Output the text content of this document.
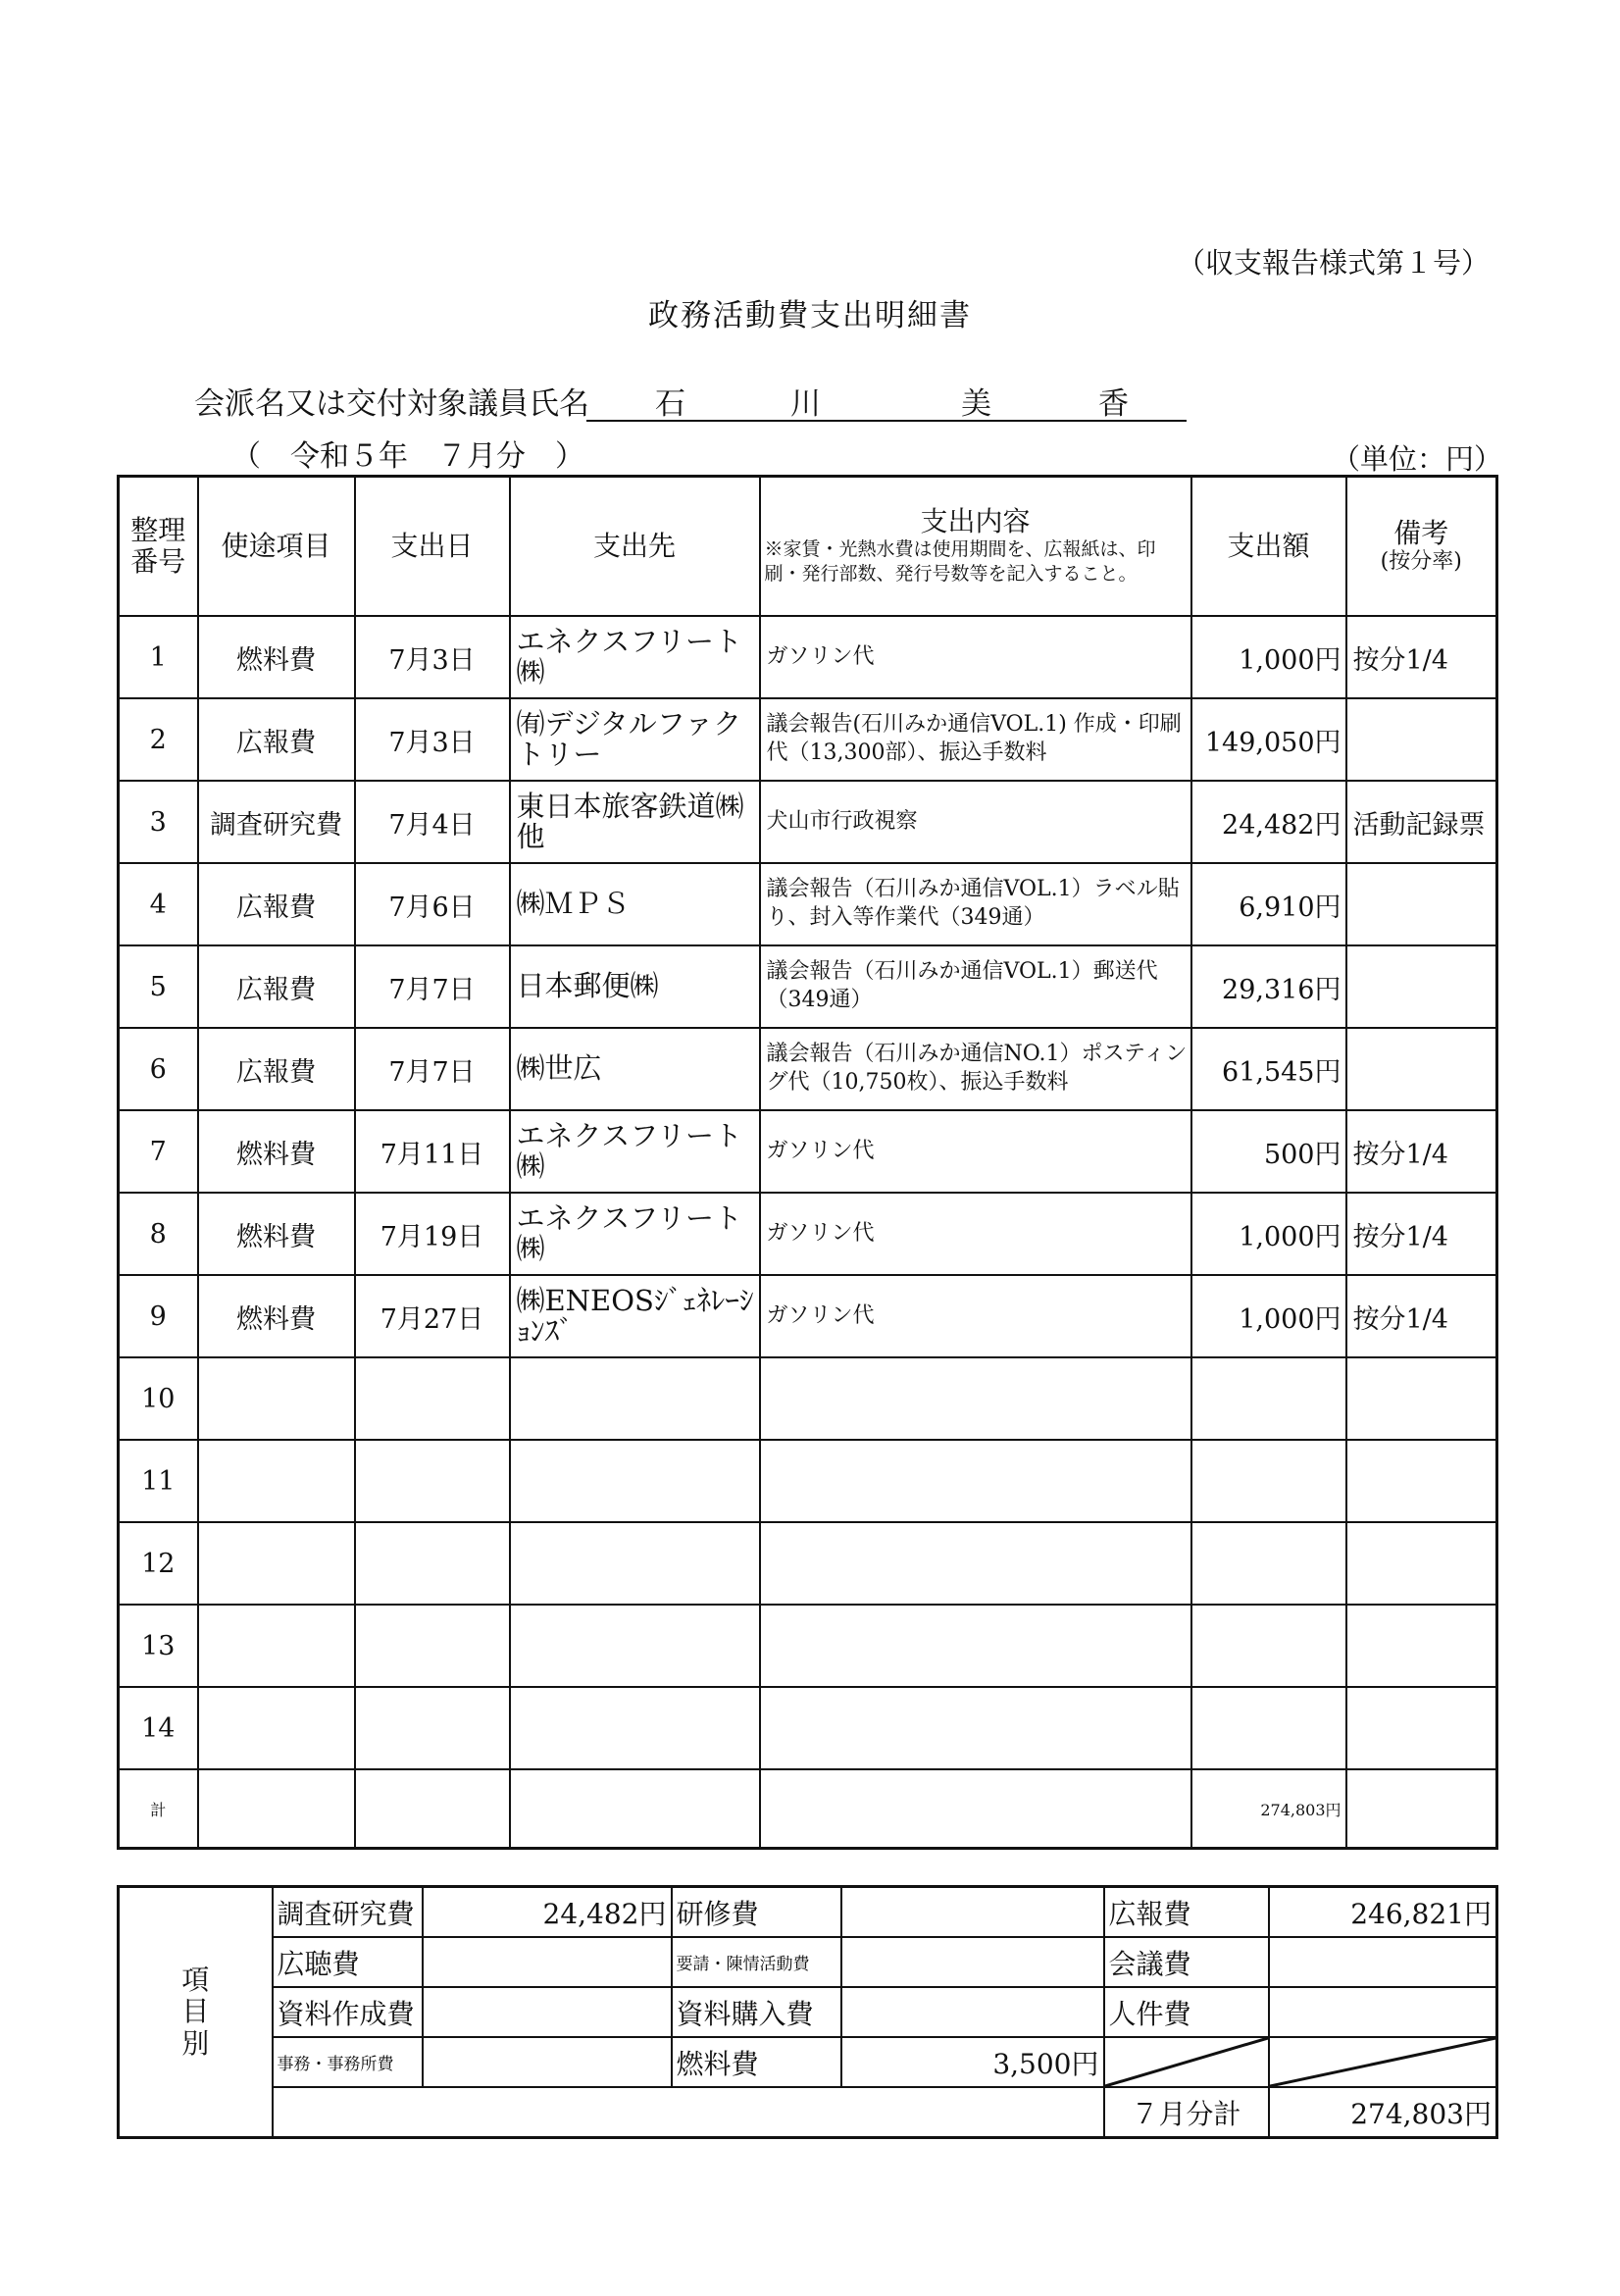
（収支報告様式第１号）
政務活動費支出明細書
会派名又は交付対象議員氏名 石	川	美	香
（　令和５年　７月分　）	（単位：円）
整理
番号	使途項目	支出日	支出先	支出内容
※家賃・光熱水費は使用期間を、広報紙は、印刷・発行部数、発行号数等を記入すること。	支出額	備考
(按分率)

1	燃料費	7月3日	エネクスフリート㈱	ガソリン代	1,000円	按分1/4
2	広報費	7月3日	㈲デジタルファクトリー	議会報告(石川みか通信VOL.1) 作成・印刷代（13,300部）、振込手数料	149,050円	
3	調査研究費	7月4日	東日本旅客鉄道㈱他	犬山市行政視察	24,482円	活動記録票
4	広報費	7月6日	㈱ＭＰＳ	議会報告（石川みか通信VOL.1）ラベル貼り、封入等作業代（349通）	6,910円	
5	広報費	7月7日	日本郵便㈱	議会報告（石川みか通信VOL.1）郵送代（349通）	29,316円	
6	広報費	7月7日	㈱世広	議会報告（石川みか通信NO.1）ポスティング代（10,750枚）、振込手数料	61,545円	
7	燃料費	7月11日	エネクスフリート㈱	ガソリン代	500円	按分1/4
8	燃料費	7月19日	エネクスフリート㈱	ガソリン代	1,000円	按分1/4
9	燃料費	7月27日	㈱ENEOSｼﾞｪﾈﾚｰｼｮﾝｽﾞ	ガソリン代	1,000円	按分1/4
10						
11						
12						
13						
14						
計					274,803円	
項
目
別	調査研究費	24,482円	研修費		広報費	246,821円
	広聴費		要請・陳情活動費		会議費	
	資料作成費		資料購入費		人件費	
	事務・事務所費		燃料費	3,500円	

					７月分計	274,803円
